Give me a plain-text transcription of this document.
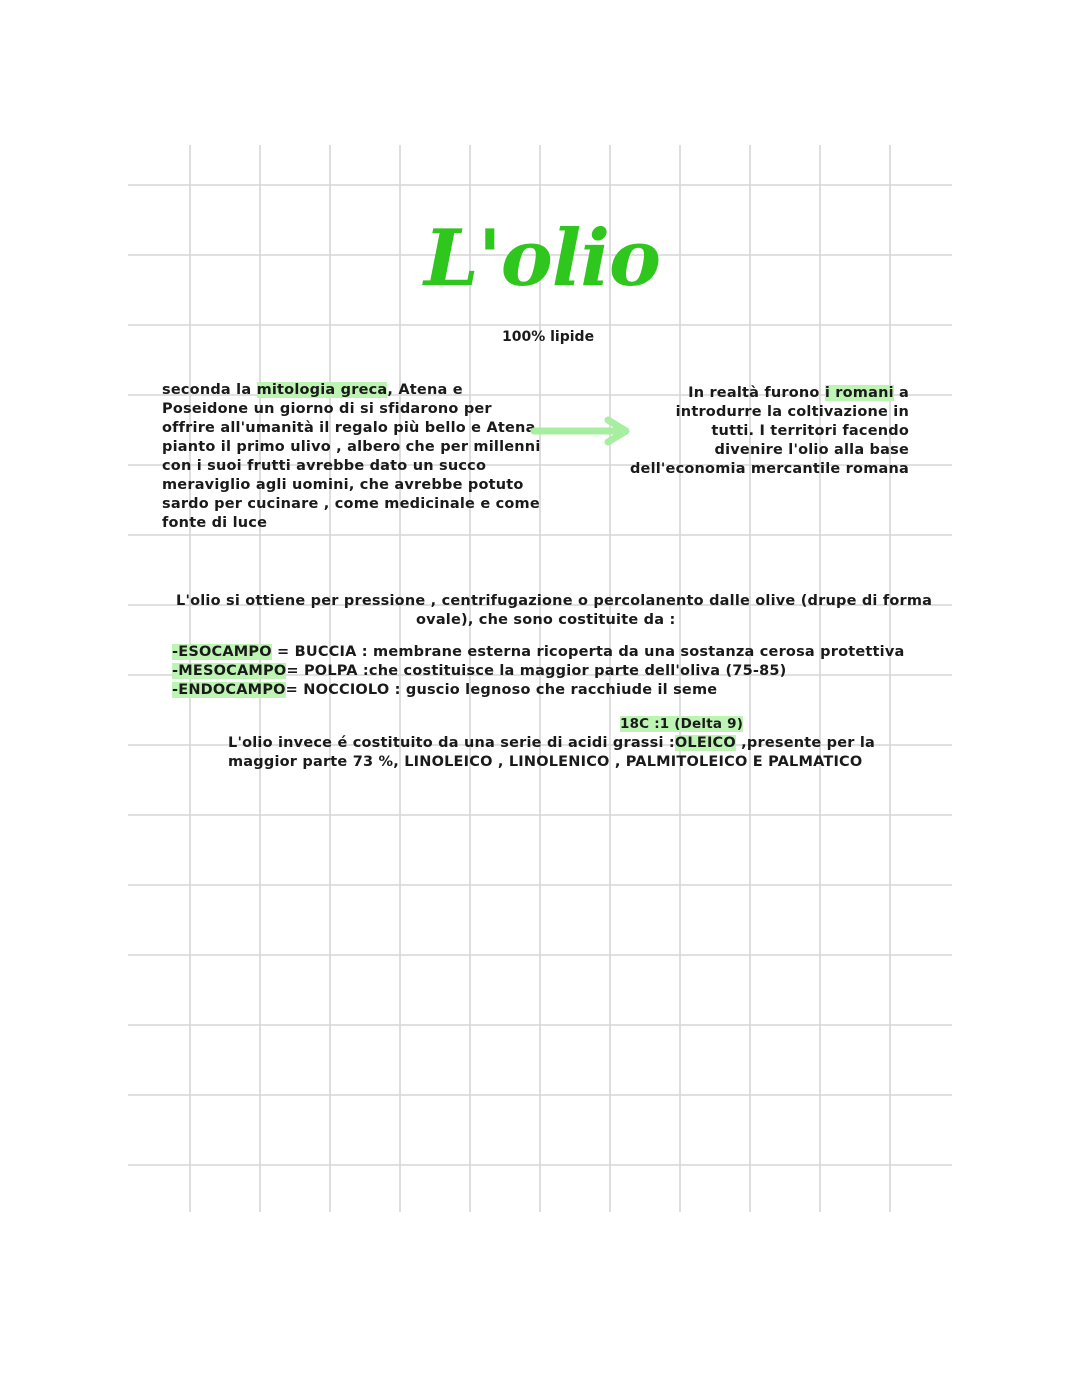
L'olio
100% lipide
seconda la mitologia greca, Atena e
Poseidone un giorno di si sfidarono per
offrire all'umanità il regalo più bello e Atena
pianto il primo ulivo , albero che per millenni
con i suoi frutti avrebbe dato un succo
meraviglio agli uomini, che avrebbe potuto
sardo per cucinare , come medicinale e come
fonte di luce
In realtà furono i romani a
introdurre la coltivazione in
tutti. I territori facendo
divenire l'olio alla base
dell'economia mercantile romana
L'olio si ottiene per pressione , centrifugazione o percolanento dalle olive (drupe di forma
ovale), che sono costituite da :
-ESOCAMPO = BUCCIA : membrane esterna ricoperta da una sostanza cerosa protettiva
-MESOCAMPO= POLPA :che costituisce la maggior parte dell'oliva (75-85)
-ENDOCAMPO= NOCCIOLO : guscio legnoso che racchiude il seme
18C :1 (Delta 9)
L'olio invece é costituito da una serie di acidi grassi :OLEICO ,presente per la
maggior parte 73 %, LINOLEICO , LINOLENICO , PALMITOLEICO E PALMATICO
